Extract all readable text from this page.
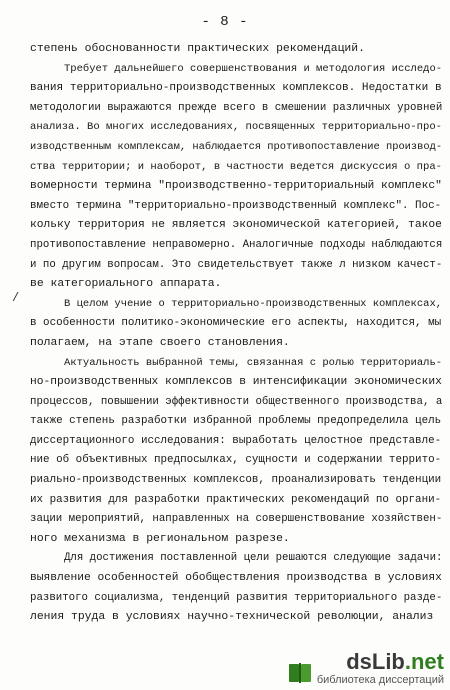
- 8 -
/
степень обоснованности практических рекомендаций.
Требует дальнейшего совершенствования и методология исследо-
вания территориально-производственных комплексов. Недостатки в
методологии выражаются прежде всего в смешении различных уровней
анализа. Во многих исследованиях, посвященных территориально-про-
изводственным комплексам, наблюдается противопоставление производ-
ства территории; и наоборот, в частности ведется дискуссия о пра-
вомерности термина "производственно-территориальный комплекс"
вместо термина "территориально-производственный комплекс". Пос-
кольку территория не является экономической категорией, такое
противопоставление неправомерно. Аналогичные подходы наблюдаются
и по другим вопросам. Это свидетельствует также л низком качест-
ве категориального аппарата.
В целом учение о территориально-производственных комплексах,
в особенности политико-экономические его аспекты, находится, мы
полагаем, на этапе своего становления.
Актуальность выбранной темы, связанная с ролью территориаль-
но-производственных комплексов в интенсификации экономических
процессов, повышении эффективности общественного производства, а
также степень разработки избранной проблемы предопределила цель
диссертационного исследования: выработать целостное представле-
ние об объективных предпосылках, сущности и содержании террито-
риально-производственных комплексов, проанализировать тенденции
их развития для разработки практических рекомендаций по органи-
зации мероприятий, направленных на совершенствование хозяйствен-
ного механизма в региональном разрезе.
Для достижения поставленной цели решаются следующие задачи:
выявление особенностей обобществления производства в условиях
развитого социализма, тенденций развития территориального разде-
ления труда в условиях научно-технической революции, анализ
dsLib.net
библиотека диссертаций
